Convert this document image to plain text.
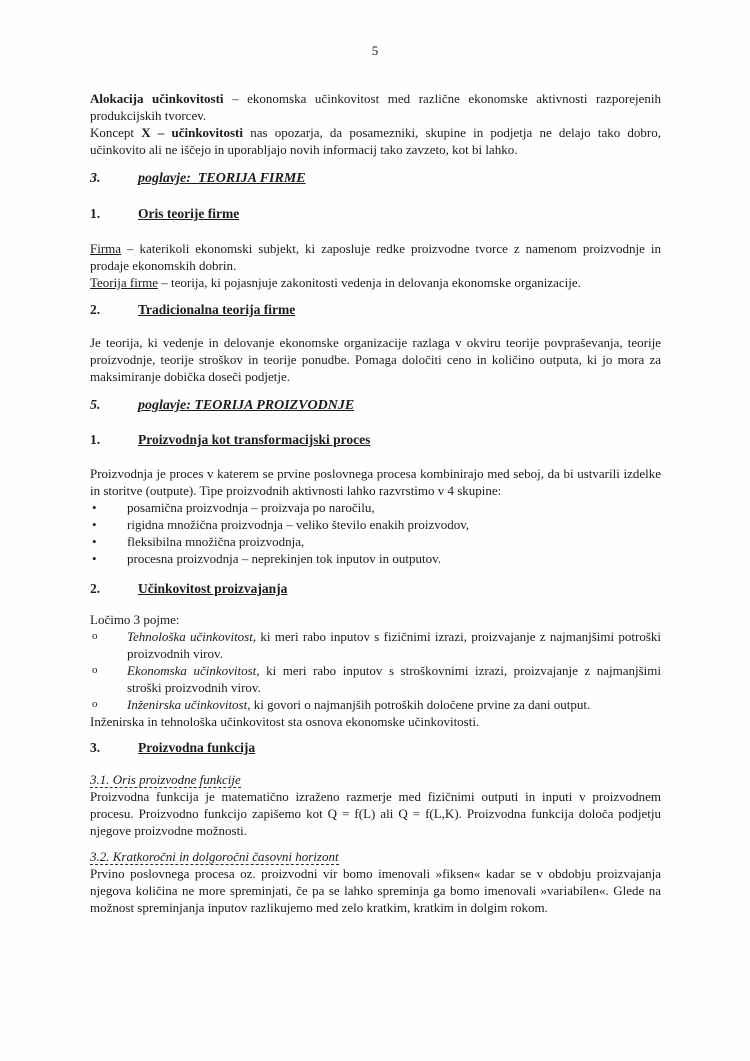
5

Alokacija učinkovitosti – ekonomska učinkovitost med različne ekonomske aktivnosti razporejenih produkcijskih tvorcev.

Koncept X – učinkovitosti nas opozarja, da posamezniki, skupine in podjetja ne delajo tako dobro, učinkovito ali ne iščejo in uporabljajo novih informacij tako zavzeto, kot bi lahko.

3.	poglavje:  TEORIJA FIRME

1.	Oris teorije firme

Firma – katerikoli ekonomski subjekt, ki zaposluje redke proizvodne tvorce z namenom proizvodnje in prodaje ekonomskih dobrin.

Teorija firme – teorija, ki pojasnjuje zakonitosti vedenja in delovanja ekonomske organizacije.

2.	Tradicionalna teorija firme

Je teorija, ki vedenje in delovanje ekonomske organizacije razlaga v okviru teorije povpraševanja, teorije proizvodnje, teorije stroškov in teorije ponudbe. Pomaga določiti ceno in količino outputa, ki jo mora za maksimiranje dobička doseči podjetje.

5.	poglavje: TEORIJA PROIZVODNJE

1.	Proizvodnja kot transformacijski proces

Proizvodnja je proces v katerem se prvine poslovnega procesa kombinirajo med seboj, da bi ustvarili izdelke in storitve (outpute). Tipe proizvodnih aktivnosti lahko razvrstimo v 4 skupine:

• posamična proizvodnja – proizvaja po naročilu,
• rigidna množična proizvodnja – veliko število enakih proizvodov,
• fleksibilna množična proizvodnja,
• procesna proizvodnja – neprekinjen tok inputov in outputov.

2.	Učinkovitost proizvajanja

Ločimo 3 pojme:

o Tehnološka učinkovitost, ki meri rabo inputov s fizičnimi izrazi, proizvajanje z najmanjšimi potroški proizvodnih virov.
o Ekonomska učinkovitost, ki meri rabo inputov s stroškovnimi izrazi, proizvajanje z najmanjšimi stroški proizvodnih virov.
o Inženirska učinkovitost, ki govori o najmanjših potroških določene prvine za dani output.

Inženirska in tehnološka učinkovitost sta osnova ekonomske učinkovitosti.

3.	Proizvodna funkcija

3.1. Oris proizvodne funkcije

Proizvodna funkcija je matematično izraženo razmerje med fizičnimi outputi in inputi v proizvodnem procesu. Proizvodno funkcijo zapišemo kot Q = f(L) ali Q = f(L,K). Proizvodna funkcija določa podjetju njegove proizvodne možnosti.

3.2. Kratkoročni in dolgoročni časovni horizont

Prvino poslovnega procesa oz. proizvodni vir bomo imenovali »fiksen« kadar se v obdobju proizvajanja njegova količina ne more spreminjati, če pa se lahko spreminja ga bomo imenovali »variabilen«. Glede na možnost spreminjanja inputov razlikujemo med zelo kratkim, kratkim in dolgim rokom.
